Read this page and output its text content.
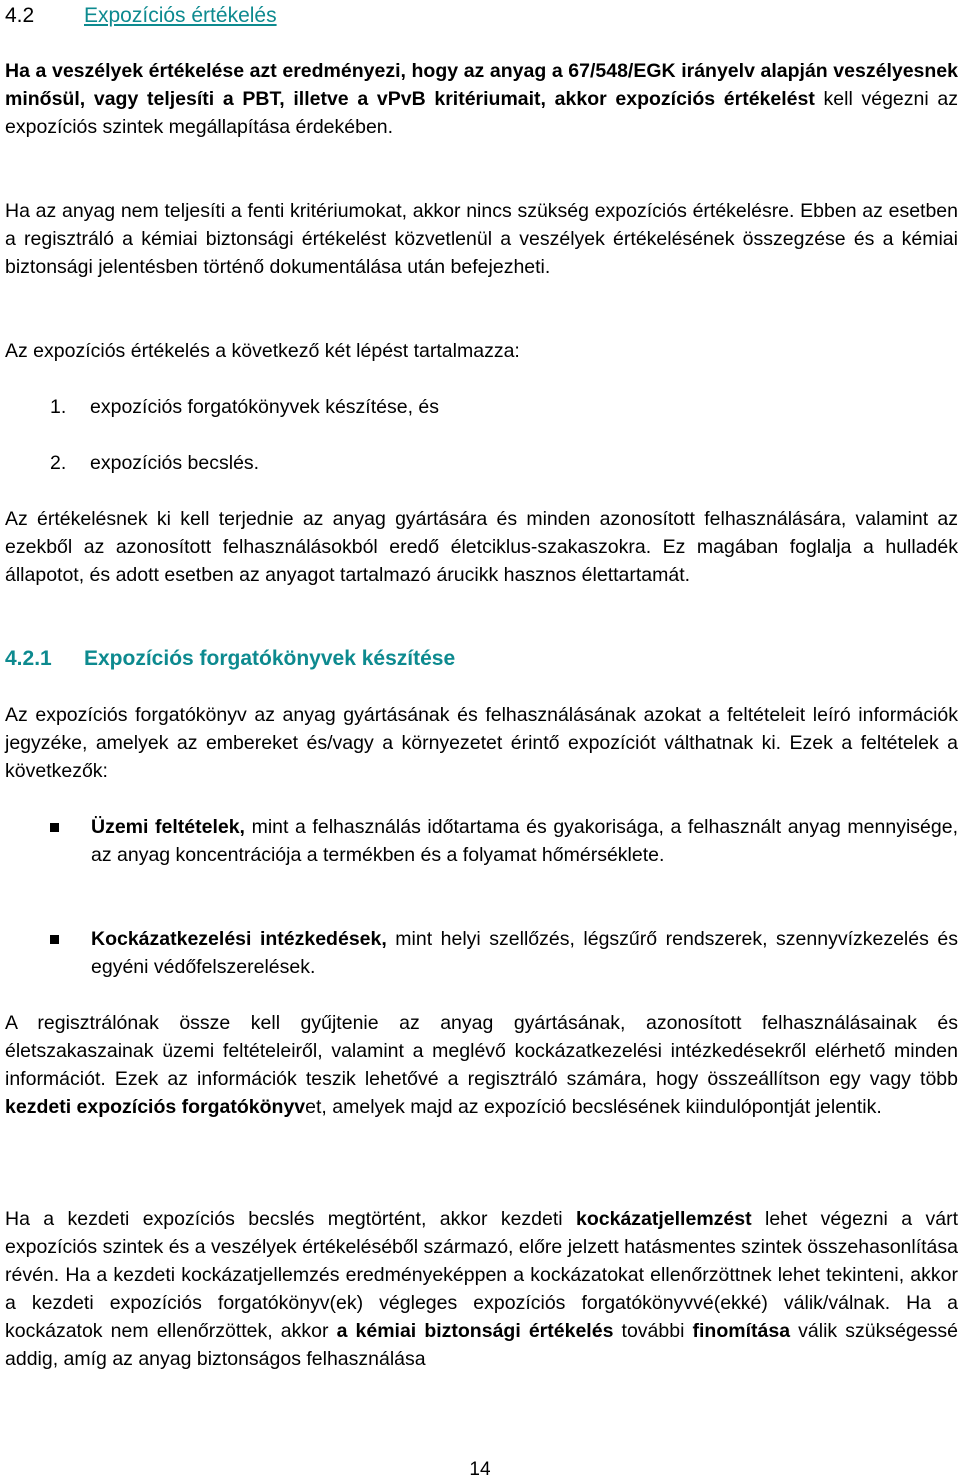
4.2 Expozíciós értékelés

Ha a veszélyek értékelése azt eredményezi, hogy az anyag a 67/548/EGK irányelv alapján veszélyesnek minősül, vagy teljesíti a PBT, illetve a vPvB kritériumait, akkor expozíciós értékelést kell végezni az expozíciós szintek megállapítása érdekében.

Ha az anyag nem teljesíti a fenti kritériumokat, akkor nincs szükség expozíciós értékelésre. Ebben az esetben a regisztráló a kémiai biztonsági értékelést közvetlenül a veszélyek értékelésének összegzése és a kémiai biztonsági jelentésben történő dokumentálása után befejezheti.

Az expozíciós értékelés a következő két lépést tartalmazza:

1. expozíciós forgatókönyvek készítése, és
2. expozíciós becslés.

Az értékelésnek ki kell terjednie az anyag gyártására és minden azonosított felhasználására, valamint az ezekből az azonosított felhasználásokból eredő életciklus-szakaszokra. Ez magában foglalja a hulladék állapotot, és adott esetben az anyagot tartalmazó árucikk hasznos élettartamát.

4.2.1 Expozíciós forgatókönyvek készítése

Az expozíciós forgatókönyv az anyag gyártásának és felhasználásának azokat a feltételeit leíró információk jegyzéke, amelyek az embereket és/vagy a környezetet érintő expozíciót válthatnak ki. Ezek a feltételek a következők:

Üzemi feltételek, mint a felhasználás időtartama és gyakorisága, a felhasznált anyag mennyisége, az anyag koncentrációja a termékben és a folyamat hőmérséklete.

Kockázatkezelési intézkedések, mint helyi szellőzés, légszűrő rendszerek, szennyvízkezelés és egyéni védőfelszerelések.

A regisztrálónak össze kell gyűjtenie az anyag gyártásának, azonosított felhasználásainak és életszakaszainak üzemi feltételeiről, valamint a meglévő kockázatkezelési intézkedésekről elérhető minden információt. Ezek az információk teszik lehetővé a regisztráló számára, hogy összeállítson egy vagy több kezdeti expozíciós forgatókönyvet, amelyek majd az expozíció becslésének kiindulópontját jelentik.

Ha a kezdeti expozíciós becslés megtörtént, akkor kezdeti kockázatjellemzést lehet végezni a várt expozíciós szintek és a veszélyek értékeléséből származó, előre jelzett hatásmentes szintek összehasonlítása révén. Ha a kezdeti kockázatjellemzés eredményeképpen a kockázatokat ellenőrzöttnek lehet tekinteni, akkor a kezdeti expozíciós forgatókönyv(ek) végleges expozíciós forgatókönyvvé(ekké) válik/válnak. Ha a kockázatok nem ellenőrzöttek, akkor a kémiai biztonsági értékelés további finomítása válik szükségessé addig, amíg az anyag biztonságos felhasználása

14
